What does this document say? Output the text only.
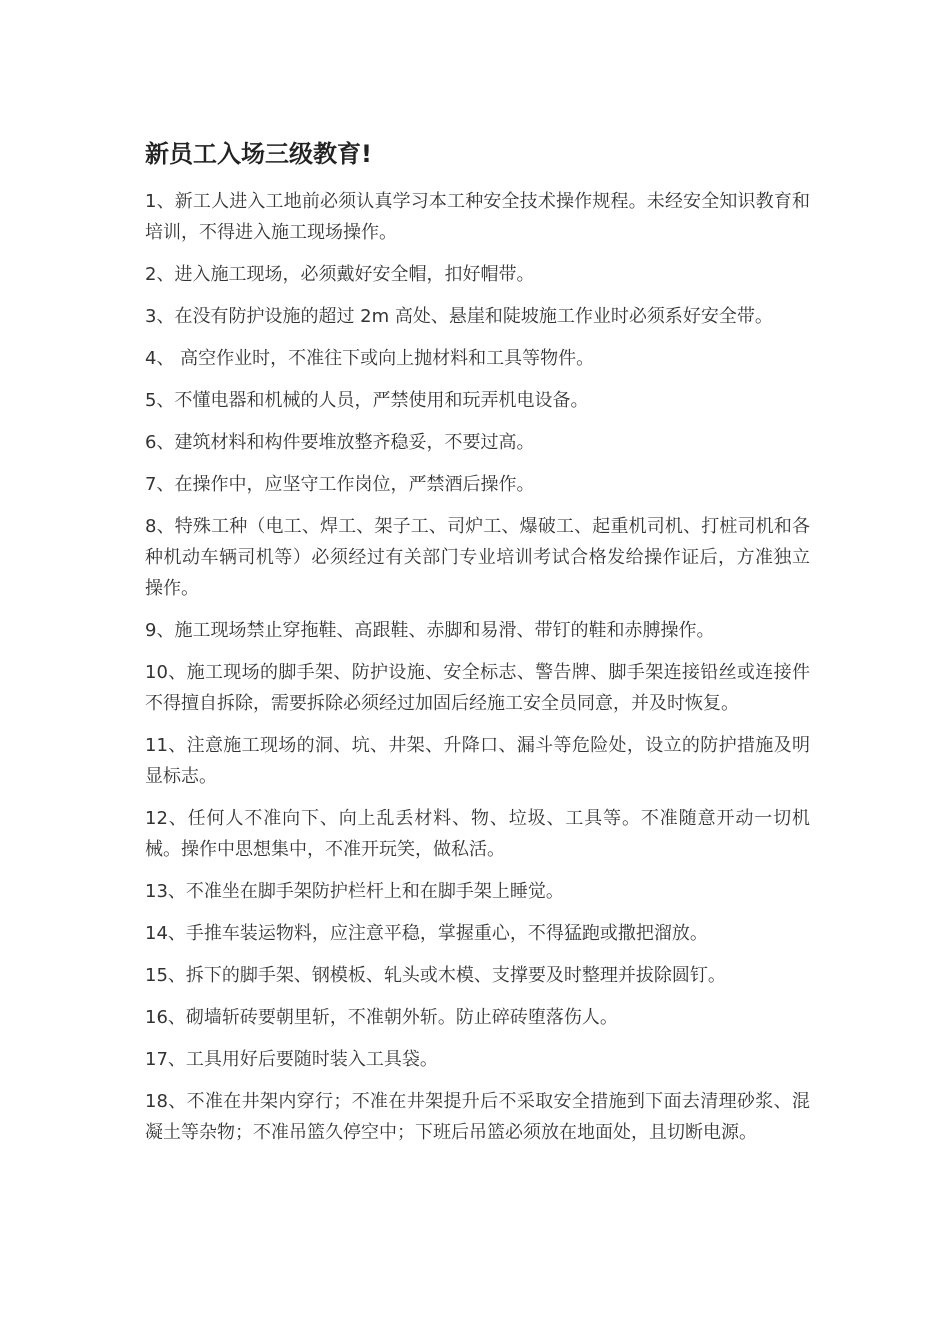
新员工入场三级教育!

1、新工人进入工地前必须认真学习本工种安全技术操作规程。未经安全知识教育和培训，不得进入施工现场操作。

2、进入施工现场，必须戴好安全帽，扣好帽带。

3、在没有防护设施的超过 2m 高处、悬崖和陡坡施工作业时必须系好安全带。

4、 高空作业时，不准往下或向上抛材料和工具等物件。

5、不懂电器和机械的人员，严禁使用和玩弄机电设备。

6、建筑材料和构件要堆放整齐稳妥，不要过高。

7、在操作中，应坚守工作岗位，严禁酒后操作。

8、特殊工种（电工、焊工、架子工、司炉工、爆破工、起重机司机、打桩司机和各种机动车辆司机等）必须经过有关部门专业培训考试合格发给操作证后，方准独立操作。

9、施工现场禁止穿拖鞋、高跟鞋、赤脚和易滑、带钉的鞋和赤膊操作。

10、施工现场的脚手架、防护设施、安全标志、警告牌、脚手架连接铅丝或连接件不得擅自拆除，需要拆除必须经过加固后经施工安全员同意，并及时恢复。

11、注意施工现场的洞、坑、井架、升降口、漏斗等危险处，设立的防护措施及明显标志。

12、任何人不准向下、向上乱丢材料、物、垃圾、工具等。不准随意开动一切机械。操作中思想集中，不准开玩笑，做私活。

13、不准坐在脚手架防护栏杆上和在脚手架上睡觉。

14、手推车装运物料，应注意平稳，掌握重心，不得猛跑或撒把溜放。

15、拆下的脚手架、钢模板、轧头或木模、支撑要及时整理并拔除圆钉。

16、砌墙斩砖要朝里斩，不准朝外斩。防止碎砖堕落伤人。

17、工具用好后要随时装入工具袋。

18、不准在井架内穿行；不准在井架提升后不采取安全措施到下面去清理砂浆、混凝土等杂物；不准吊篮久停空中；下班后吊篮必须放在地面处，且切断电源。
